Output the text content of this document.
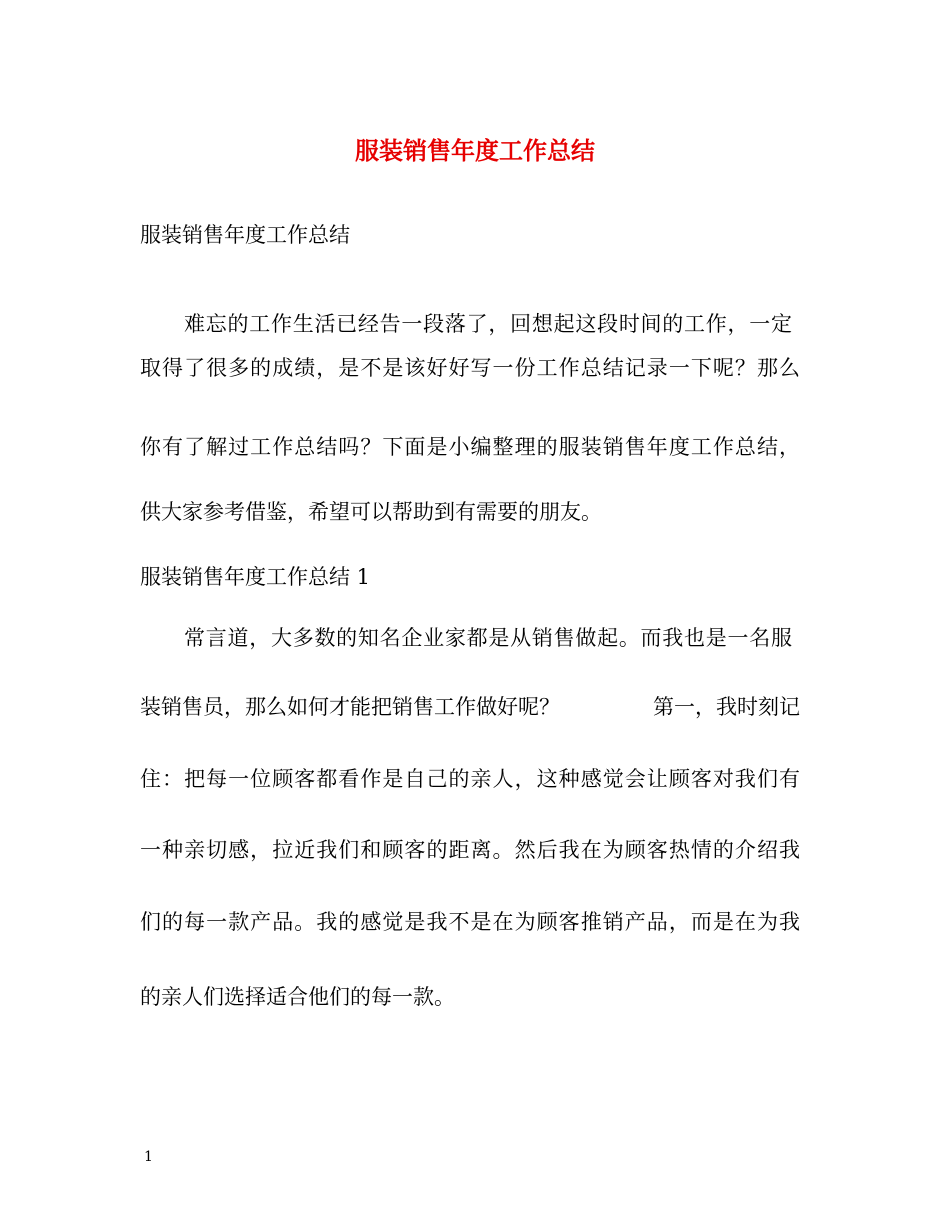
服装销售年度工作总结

服装销售年度工作总结

难忘的工作生活已经告一段落了，回想起这段时间的工作，一定

取得了很多的成绩，是不是该好好写一份工作总结记录一下呢？那么

你有了解过工作总结吗？下面是小编整理的服装销售年度工作总结，

供大家参考借鉴，希望可以帮助到有需要的朋友。

服装销售年度工作总结 1

常言道，大多数的知名企业家都是从销售做起。而我也是一名服

装销售员，那么如何才能把销售工作做好呢？	第一，我时刻记

住：把每一位顾客都看作是自己的亲人，这种感觉会让顾客对我们有

一种亲切感，拉近我们和顾客的距离。然后我在为顾客热情的介绍我

们的每一款产品。我的感觉是我不是在为顾客推销产品，而是在为我

的亲人们选择适合他们的每一款。

1
